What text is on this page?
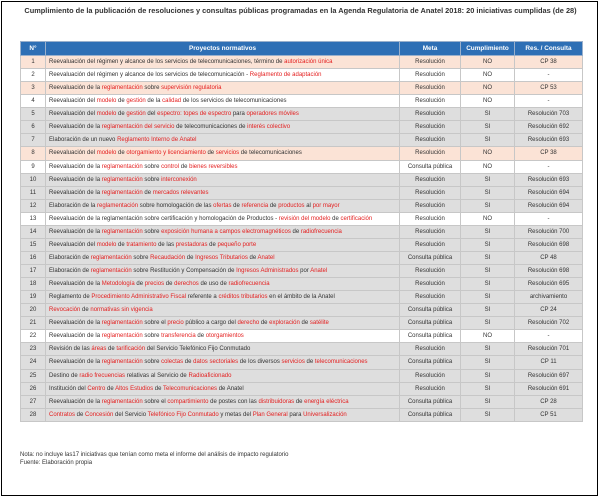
Cumplimiento de la publicación de resoluciones y consultas públicas programadas en la Agenda Regulatoria de Anatel 2018: 20 iniciativas cumplidas (de 28)
N°	Proyectos normativos	Meta	Cumplimiento	Res. / Consulta
1	Reevaluación del régimen y alcance de los servicios de telecomunicaciones, término de autorización única	Resolución	NO	CP 38
2	Reevaluación del régimen y alcance de los servicios de telecomunicación - Reglamento de adaptación	Resolución	NO	-
3	Reevaluación de la reglamentación sobre supervisión regulatoria	Resolución	NO	CP 53
4	Reevaluación del modelo de gestión de la calidad de los servicios de telecomunicaciones	Resolución	NO	-
5	Reevaluación del modelo de gestión del espectro: topes de espectro para operadores móviles	Resolución	SI	Resolución 703
6	Reevaluación de la reglamentación del servicio de telecomunicaciones de interés colectivo	Resolución	SI	Resolución 692
7	Elaboración de un nuevo Reglamento Interno de Anatel	Resolución	SI	Resolución 693
8	Reevaluación del modelo de otorgamiento y licenciamiento de servicios de telecomunicaciones	Resolución	NO	CP 38
9	Reevaluación de la reglamentación sobre control de bienes reversibles	Consulta pública	NO	-
10	Reevaluación de la reglamentación sobre interconexión	Resolución	SI	Resolución 693
11	Reevaluación de la reglamentación de mercados relevantes	Resolución	SI	Resolución 694
12	Elaboración de la reglamentación sobre homologación de las ofertas de referencia de productos al por mayor	Resolución	SI	Resolución 694
13	Reevaluación de la reglamentación sobre certificación y homologación de Productos - revisión del modelo de certificación	Resolución	NO	-
14	Reevaluación de la reglamentación sobre exposición humana a campos electromagnéticos de radiofrecuencia	Resolución	SI	Resolución 700
15	Reevaluación del modelo de tratamiento de las prestadoras de pequeño porte	Resolución	SI	Resolución 698
16	Elaboración de reglamentación sobre Recaudación de Ingresos Tributarios de Anatel	Consulta pública	SI	CP 48
17	Elaboración de reglamentación sobre Restitución y Compensación de Ingresos Administrados por Anatel	Resolución	SI	Resolución 698
18	Reevaluación de la Metodología de precios de derechos de uso de radiofrecuencia	Resolución	SI	Resolución 695
19	Reglamento de Procedimiento Administrativo Fiscal referente a créditos tributarios en el ámbito de la Anatel	Resolución	SI	archivamiento
20	Revocación de normativas sin vigencia	Consulta pública	SI	CP 24
21	Reevaluación de la reglamentación sobre el precio público a cargo del derecho de exploración de satélite	Consulta pública	SI	Resolución 702
22	Reevaluación de la reglamentación sobre transferencia de otorgamientos	Consulta pública	NO	-
23	Revisión de las áreas de tarificación del Servicio Telefónico Fijo Conmutado	Resolución	SI	Resolución 701
24	Reevaluación de la reglamentación sobre colectas de datos sectoriales de los diversos servicios de telecomunicaciones	Consulta pública	SI	CP 11
25	Destino de radio frecuencias relativas al Servicio de Radioaficionado	Resolución	SI	Resolución 697
26	Institución del Centro de Altos Estudios de Telecomunicaciones de Anatel	Resolución	SI	Resolución 691
27	Reevaluación de la reglamentación sobre el compartimiento de postes con las distribuidoras de energía eléctrica	Consulta pública	SI	CP 28
28	Contratos de Concesión del Servicio Telefónico Fijo Conmutado y metas del Plan General para Universalización	Consulta pública	SI	CP 51
Nota: no incluye las17 iniciativas que tenían como meta el informe del análisis de impacto regulatorio
Fuente: Elaboración propia
